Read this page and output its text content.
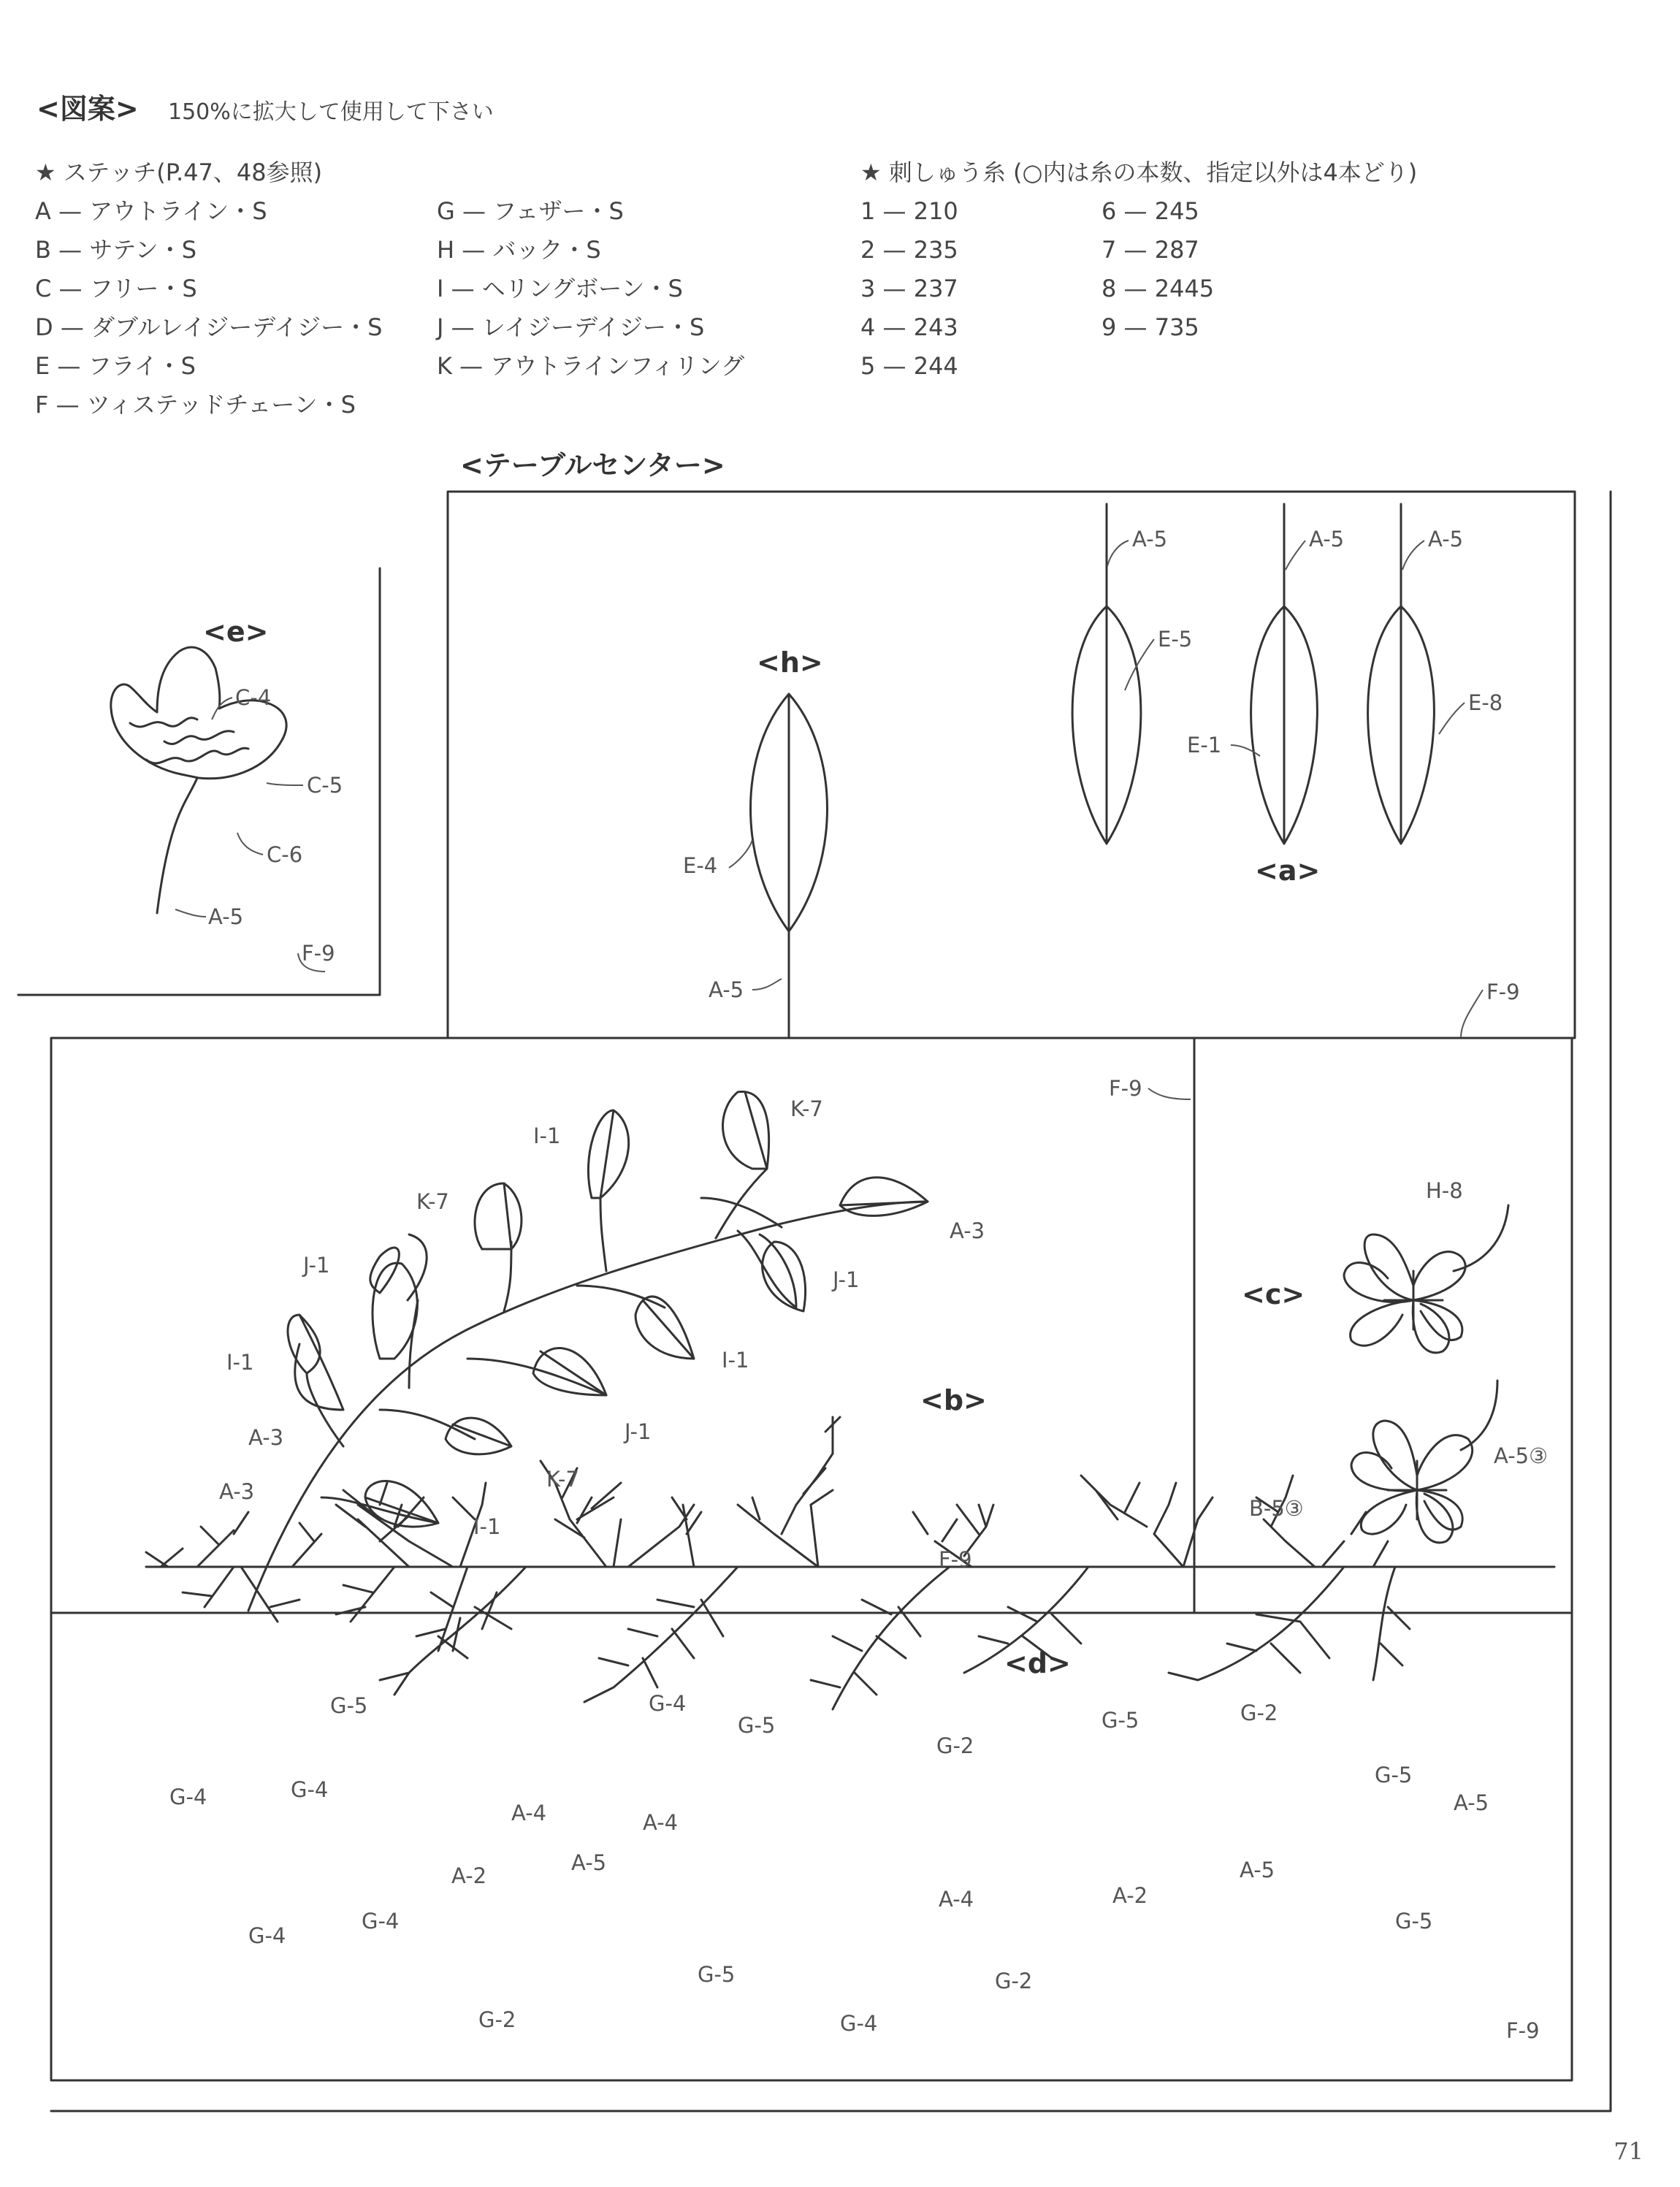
<図案> 150%に拡大して使用して下さい
★ ステッチ(P.47、48参照)
A — アウトライン・S
B — サテン・S
C — フリー・S
D — ダブルレイジーデイジー・S
E — フライ・S
F — ツィステッドチェーン・S
G — フェザー・S
H — バック・S
I — ヘリングボーン・S
J — レイジーデイジー・S
K — アウトラインフィリング
★ 刺しゅう糸 (○内は糸の本数、指定以外は4本どり)
1 — 210
2 — 235
3 — 237
4 — 243
5 — 244
6 — 245
7 — 287
8 — 2445
9 — 735
<テーブルセンター>
<e>
<h>
<a>
<b>
<c>
<d>
C-4
C-5
C-6
A-5
F-9
E-4
A-5
A-5	A-5	A-5
E-5
E-1
E-8
F-9
F-9
K-7
I-1
K-7
A-3
J-1
J-1
I-1	I-1
A-3
A-3
J-1
K-7
I-1
F-9
H-8
A-5③
B-5③
G-5	G-4
G-5
G-2
G-5	G-2
G-5
A-5
G-4	G-4
A-4	A-4
A-2
A-5
A-4	A-2
A-5
G-4
G-4
G-5
G-2	G-4
G-2
G-5
F-9
71
